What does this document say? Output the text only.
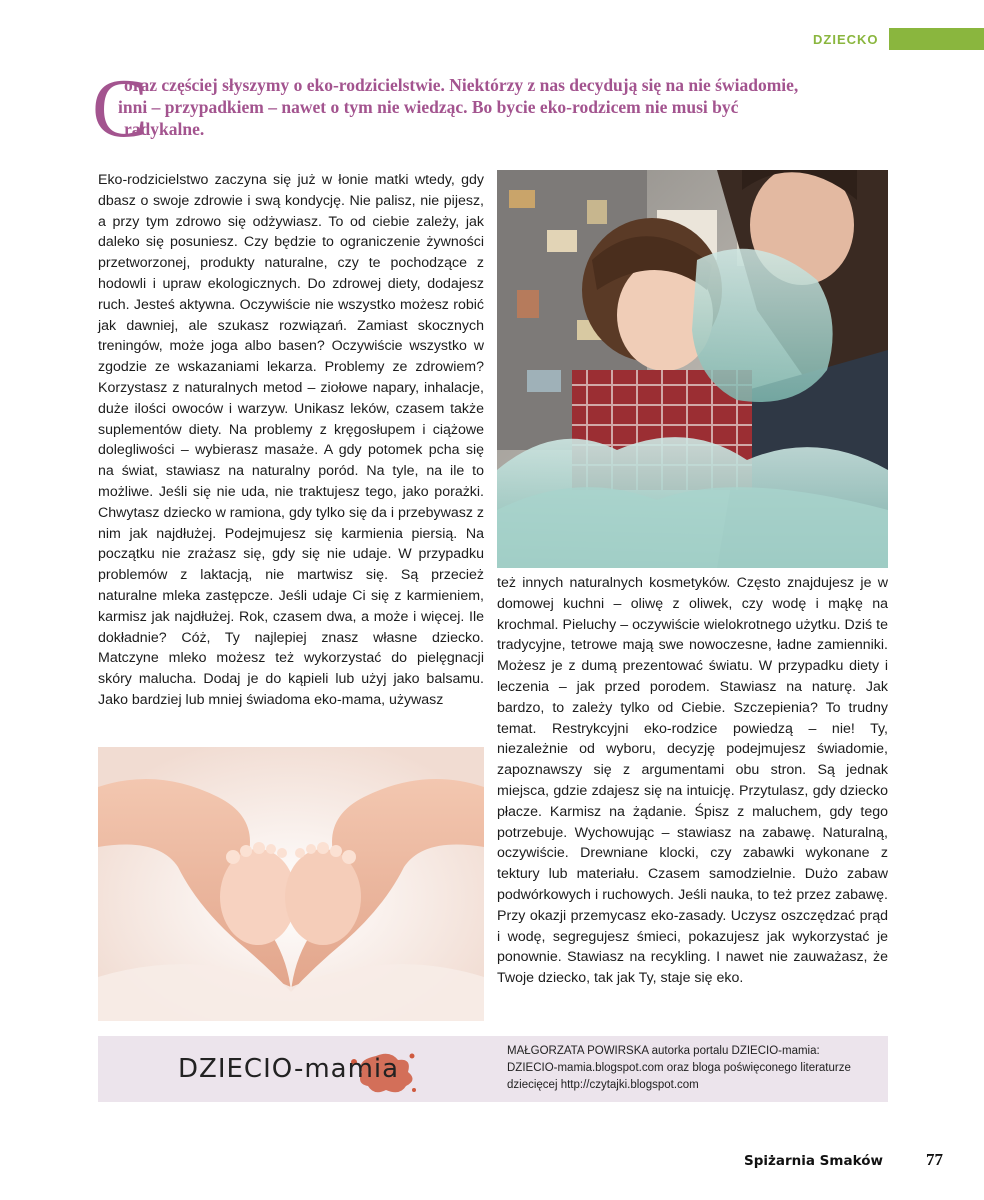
DZIECKO
C

oraz częściej słyszymy o eko-rodzicielstwie. Niektórzy z nas decydują się na nie świadomie,
inni – przypadkiem – nawet o tym nie wiedząc. Bo bycie eko-rodzicem nie musi być
radykalne.

Eko-rodzicielstwo zaczyna się już w łonie matki wtedy, gdy dbasz o swoje zdrowie i swą kondycję. Nie palisz, nie pijesz, a przy tym zdrowo się odżywiasz. To od ciebie zależy, jak daleko się posuniesz. Czy będzie to ograniczenie żywności przetworzonej, produkty naturalne, czy te pochodzące z hodowli i upraw ekologicznych. Do zdrowej diety, dodajesz ruch. Jesteś aktywna. Oczywiście nie wszystko możesz robić jak dawniej, ale szukasz rozwiązań. Zamiast skocznych treningów, może joga albo basen? Oczywiście wszystko w zgodzie ze wskazaniami lekarza. Problemy ze zdrowiem? Korzystasz z naturalnych metod – ziołowe napary, inhalacje, duże ilości owoców i warzyw. Unikasz leków, czasem także suplementów diety. Na problemy z kręgosłupem i ciążowe dolegliwości – wybierasz masaże. A gdy potomek pcha się na świat, stawiasz na naturalny poród. Na tyle, na ile to możliwe. Jeśli się nie uda, nie traktujesz tego, jako porażki. Chwytasz dziecko w ramiona, gdy tylko się da i przebywasz z nim jak najdłużej. Podejmujesz się karmienia piersią. Na początku nie zrażasz się, gdy się nie udaje. W przypadku problemów z laktacją, nie martwisz się. Są przecież naturalne mleka zastępcze. Jeśli udaje Ci się z karmieniem, karmisz jak najdłużej. Rok, czasem dwa, a może i więcej. Ile dokładnie? Cóż, Ty najlepiej znasz własne dziecko. Matczyne mleko możesz też wykorzystać do pielęgnacji skóry malucha. Dodaj je do kąpieli lub użyj jako balsamu. Jako bardziej lub mniej świadoma eko-mama, używasz

też innych naturalnych kosmetyków. Często znajdujesz je w domowej kuchni – oliwę z oliwek, czy wodę i mąkę na krochmal. Pieluchy – oczywiście wielokrotnego użytku. Dziś te tradycyjne, tetrowe mają swe nowoczesne, ładne zamienniki. Możesz je z dumą prezentować światu. W przypadku diety i leczenia – jak przed porodem. Stawiasz na naturę. Jak bardzo, to zależy tylko od Ciebie. Szczepienia? To trudny temat. Restrykcyjni eko-rodzice powiedzą – nie! Ty, niezależnie od wyboru, decyzję podejmujesz świadomie, zapoznawszy się z argumentami obu stron. Są jednak miejsca, gdzie zdajesz się na intuicję. Przytulasz, gdy dziecko płacze. Karmisz na żądanie. Śpisz z maluchem, gdy tego potrzebuje. Wychowując – stawiasz na zabawę. Naturalną, oczywiście. Drewniane klocki, czy zabawki wykonane z tektury lub materiału. Czasem samodzielnie. Dużo zabaw podwórkowych i ruchowych. Jeśli nauka, to też przez zabawę. Przy okazji przemycasz eko-zasady. Uczysz oszczędzać prąd i wodę, segregujesz śmieci, pokazujesz jak wykorzystać je ponownie. Stawiasz na recykling. I nawet nie zauważasz, że Twoje dziecko, tak jak Ty, staje się eko.

DZIECIO-mamia
MAŁGORZATA POWIRSKA autorka portalu DZIECIO-mamia:
DZIECIO-mamia.blogspot.com oraz bloga poświęconego literaturze
dziecięcej http://czytajki.blogspot.com
Spiżarnia Smaków	77
